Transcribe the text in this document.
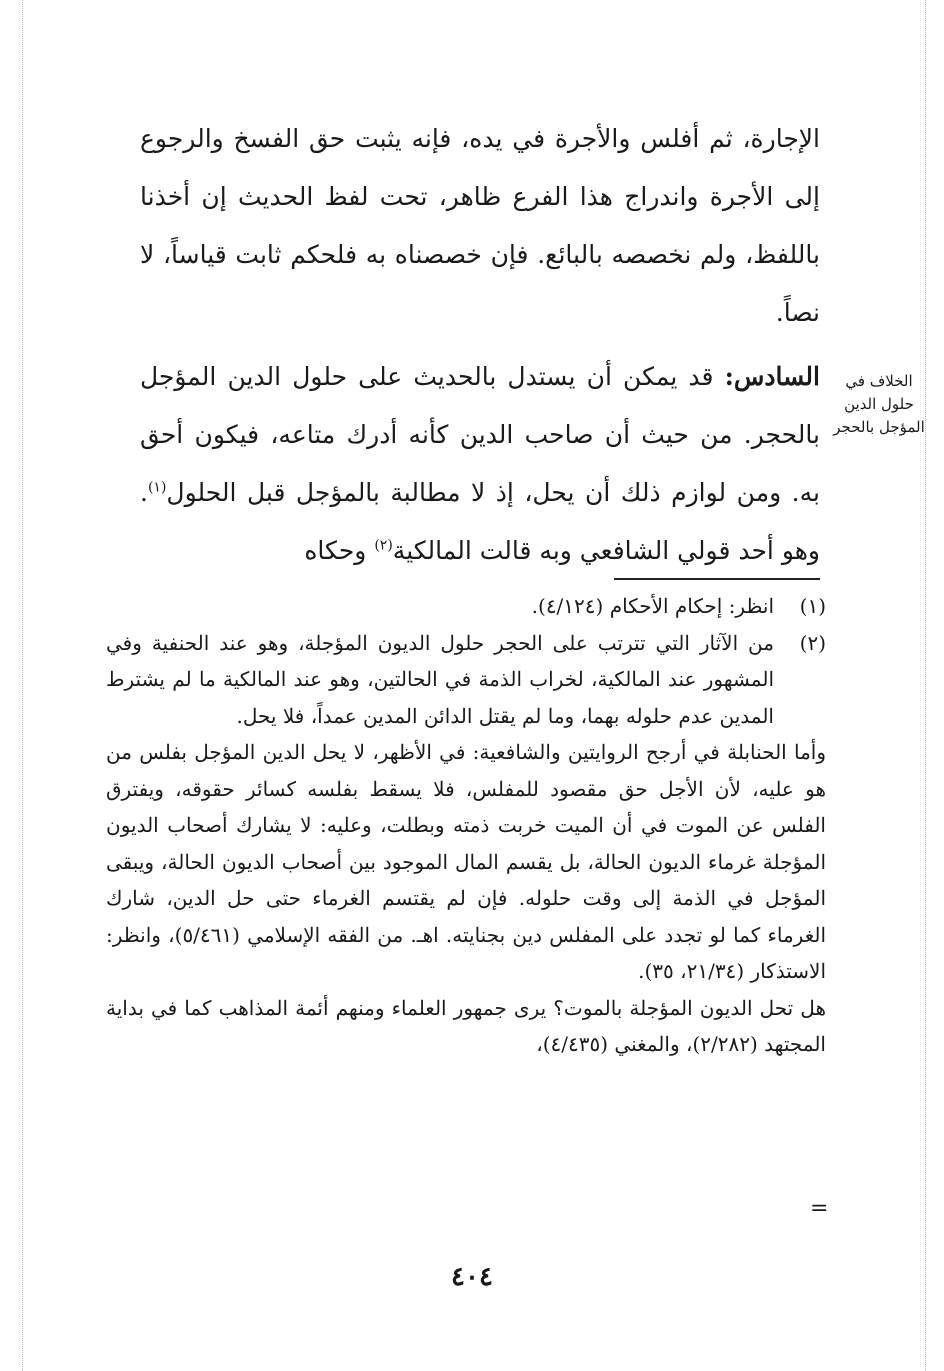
الإجارة، ثم أفلس والأجرة في يده، فإنه يثبت حق الفسخ والرجوع إلى الأجرة واندراج هذا الفرع ظاهر، تحت لفظ الحديث إن أخذنا باللفظ، ولم نخصصه بالبائع. فإن خصصناه به فلحكم ثابت قياساً، لا نصاً.

السادس: قد يمكن أن يستدل بالحديث على حلول الدين المؤجل بالحجر. من حيث أن صاحب الدين كأنه أدرك متاعه، فيكون أحق به. ومن لوازم ذلك أن يحل، إذ لا مطالبة بالمؤجل قبل الحلول$^{(١)}$. وهو أحد قولي الشافعي وبه قالت المالكية$^{(٢)}$ وحكاه

الخلاف في
حلول الدين
المؤجل بالحجر

(١)
انظر: إحكام الأحكام (٤/١٢٤).

(٢)
من الآثار التي تترتب على الحجر حلول الديون المؤجلة، وهو عند الحنفية وفي المشهور عند المالكية، لخراب الذمة في الحالتين، وهو عند المالكية ما لم يشترط المدين عدم حلوله بهما، وما لم يقتل الدائن المدين عمداً، فلا يحل.

وأما الحنابلة في أرجح الروايتين والشافعية: في الأظهر، لا يحل الدين المؤجل بفلس من هو عليه، لأن الأجل حق مقصود للمفلس، فلا يسقط بفلسه كسائر حقوقه، ويفترق الفلس عن الموت في أن الميت خربت ذمته وبطلت، وعليه: لا يشارك أصحاب الديون المؤجلة غرماء الديون الحالة، بل يقسم المال الموجود بين أصحاب الديون الحالة، ويبقى المؤجل في الذمة إلى وقت حلوله. فإن لم يقتسم الغرماء حتى حل الدين، شارك الغرماء كما لو تجدد على المفلس دين بجنايته. اهـ. من الفقه الإسلامي (٥/٤٦١)، وانظر: الاستذكار (٢١/٣٤، ٣٥).

هل تحل الديون المؤجلة بالموت؟ يرى جمهور العلماء ومنهم أئمة المذاهب كما في بداية المجتهد (٢/٢٨٢)، والمغني (٤/٤٣٥)،

=
٤٠٤
